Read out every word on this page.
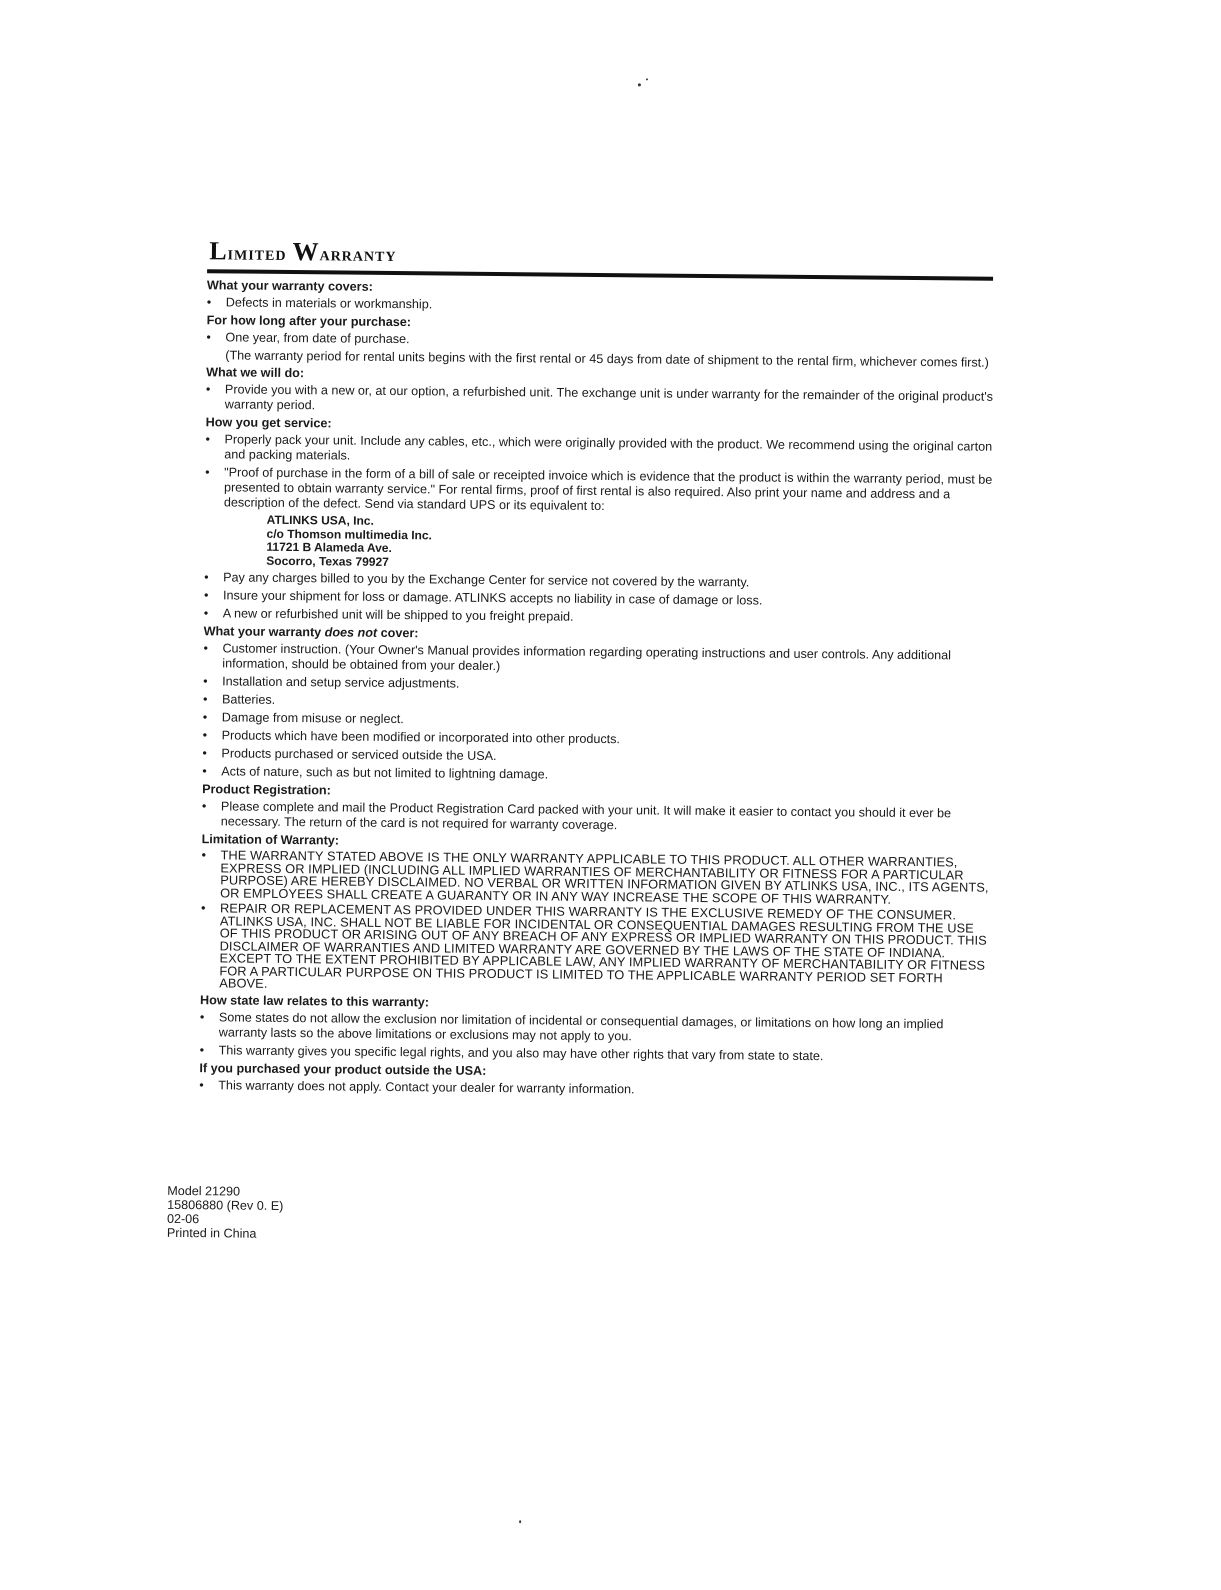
Limited Warranty
What your warranty covers:
• Defects in materials or workmanship.
For how long after your purchase:
• One year, from date of purchase.
(The warranty period for rental units begins with the first rental or 45 days from date of shipment to the rental firm, whichever comes first.)
What we will do:
• Provide you with a new or, at our option, a refurbished unit. The exchange unit is under warranty for the remainder of the original product's warranty period.
How you get service:
• Properly pack your unit. Include any cables, etc., which were originally provided with the product. We recommend using the original carton and packing materials.
• "Proof of purchase in the form of a bill of sale or receipted invoice which is evidence that the product is within the warranty period, must be presented to obtain warranty service." For rental firms, proof of first rental is also required. Also print your name and address and a description of the defect. Send via standard UPS or its equivalent to:
ATLINKS USA, Inc.
c/o Thomson multimedia Inc.
11721 B Alameda Ave.
Socorro, Texas 79927
• Pay any charges billed to you by the Exchange Center for service not covered by the warranty.
• Insure your shipment for loss or damage. ATLINKS accepts no liability in case of damage or loss.
• A new or refurbished unit will be shipped to you freight prepaid.
What your warranty does not cover:
• Customer instruction. (Your Owner's Manual provides information regarding operating instructions and user controls. Any additional information, should be obtained from your dealer.)
• Installation and setup service adjustments.
• Batteries.
• Damage from misuse or neglect.
• Products which have been modified or incorporated into other products.
• Products purchased or serviced outside the USA.
• Acts of nature, such as but not limited to lightning damage.
Product Registration:
• Please complete and mail the Product Registration Card packed with your unit. It will make it easier to contact you should it ever be necessary. The return of the card is not required for warranty coverage.
Limitation of Warranty:
• THE WARRANTY STATED ABOVE IS THE ONLY WARRANTY APPLICABLE TO THIS PRODUCT. ALL OTHER WARRANTIES, EXPRESS OR IMPLIED (INCLUDING ALL IMPLIED WARRANTIES OF MERCHANTABILITY OR FITNESS FOR A PARTICULAR PURPOSE) ARE HEREBY DISCLAIMED. NO VERBAL OR WRITTEN INFORMATION GIVEN BY ATLINKS USA, INC., ITS AGENTS, OR EMPLOYEES SHALL CREATE A GUARANTY OR IN ANY WAY INCREASE THE SCOPE OF THIS WARRANTY.
• REPAIR OR REPLACEMENT AS PROVIDED UNDER THIS WARRANTY IS THE EXCLUSIVE REMEDY OF THE CONSUMER. ATLINKS USA, INC. SHALL NOT BE LIABLE FOR INCIDENTAL OR CONSEQUENTIAL DAMAGES RESULTING FROM THE USE OF THIS PRODUCT OR ARISING OUT OF ANY BREACH OF ANY EXPRESS OR IMPLIED WARRANTY ON THIS PRODUCT. THIS DISCLAIMER OF WARRANTIES AND LIMITED WARRANTY ARE GOVERNED BY THE LAWS OF THE STATE OF INDIANA. EXCEPT TO THE EXTENT PROHIBITED BY APPLICABLE LAW, ANY IMPLIED WARRANTY OF MERCHANTABILITY OR FITNESS FOR A PARTICULAR PURPOSE ON THIS PRODUCT IS LIMITED TO THE APPLICABLE WARRANTY PERIOD SET FORTH ABOVE.
How state law relates to this warranty:
• Some states do not allow the exclusion nor limitation of incidental or consequential damages, or limitations on how long an implied warranty lasts so the above limitations or exclusions may not apply to you.
• This warranty gives you specific legal rights, and you also may have other rights that vary from state to state.
If you purchased your product outside the USA:
• This warranty does not apply. Contact your dealer for warranty information.
Model 21290
15806880 (Rev 0. E)
02-06
Printed in China
